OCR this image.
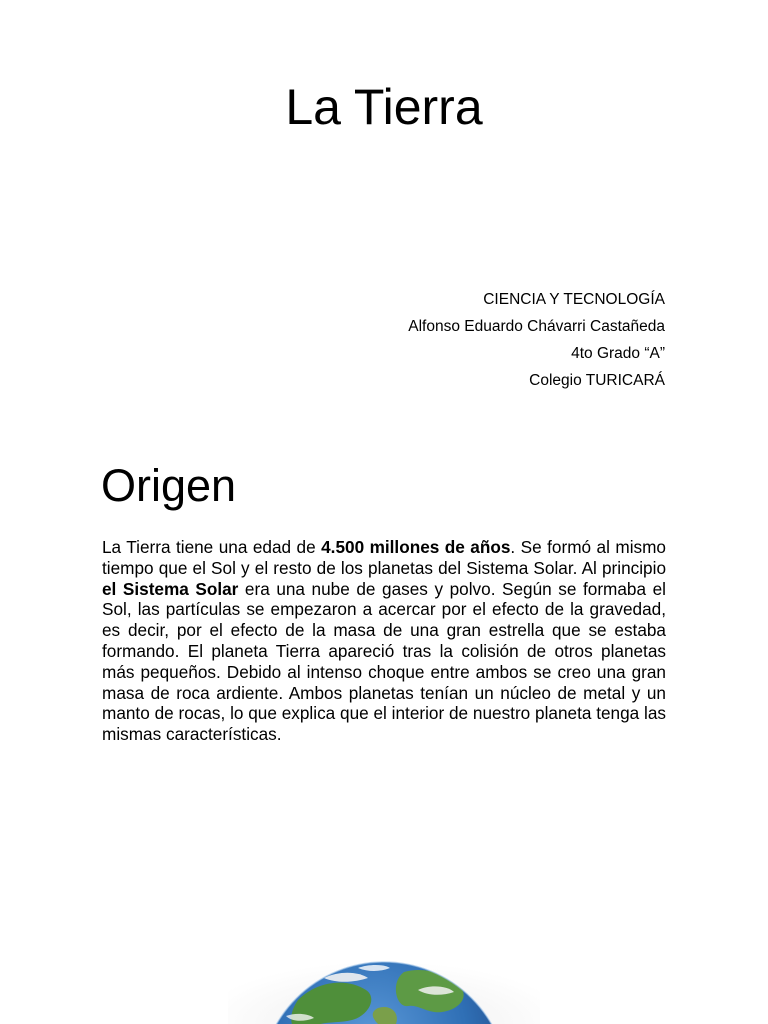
La Tierra
CIENCIA Y TECNOLOGÍA
Alfonso Eduardo Chávarri Castañeda
4to Grado “A”
Colegio TURICARÁ
Origen

La Tierra tiene una edad de 4.500 millones de años. Se formó al mismo tiempo que el Sol y el resto de los planetas del Sistema Solar. Al principio el Sistema Solar era una nube de gases y polvo. Según se formaba el Sol, las partículas se empezaron a acercar por el efecto de la gravedad, es decir, por el efecto de la masa de una gran estrella que se estaba formando. El planeta Tierra apareció tras la colisión de otros planetas más pequeños. Debido al intenso choque entre ambos se creo una gran masa de roca ardiente. Ambos planetas tenían un núcleo de metal y un manto de rocas, lo que explica que el interior de nuestro planeta tenga las mismas características.
